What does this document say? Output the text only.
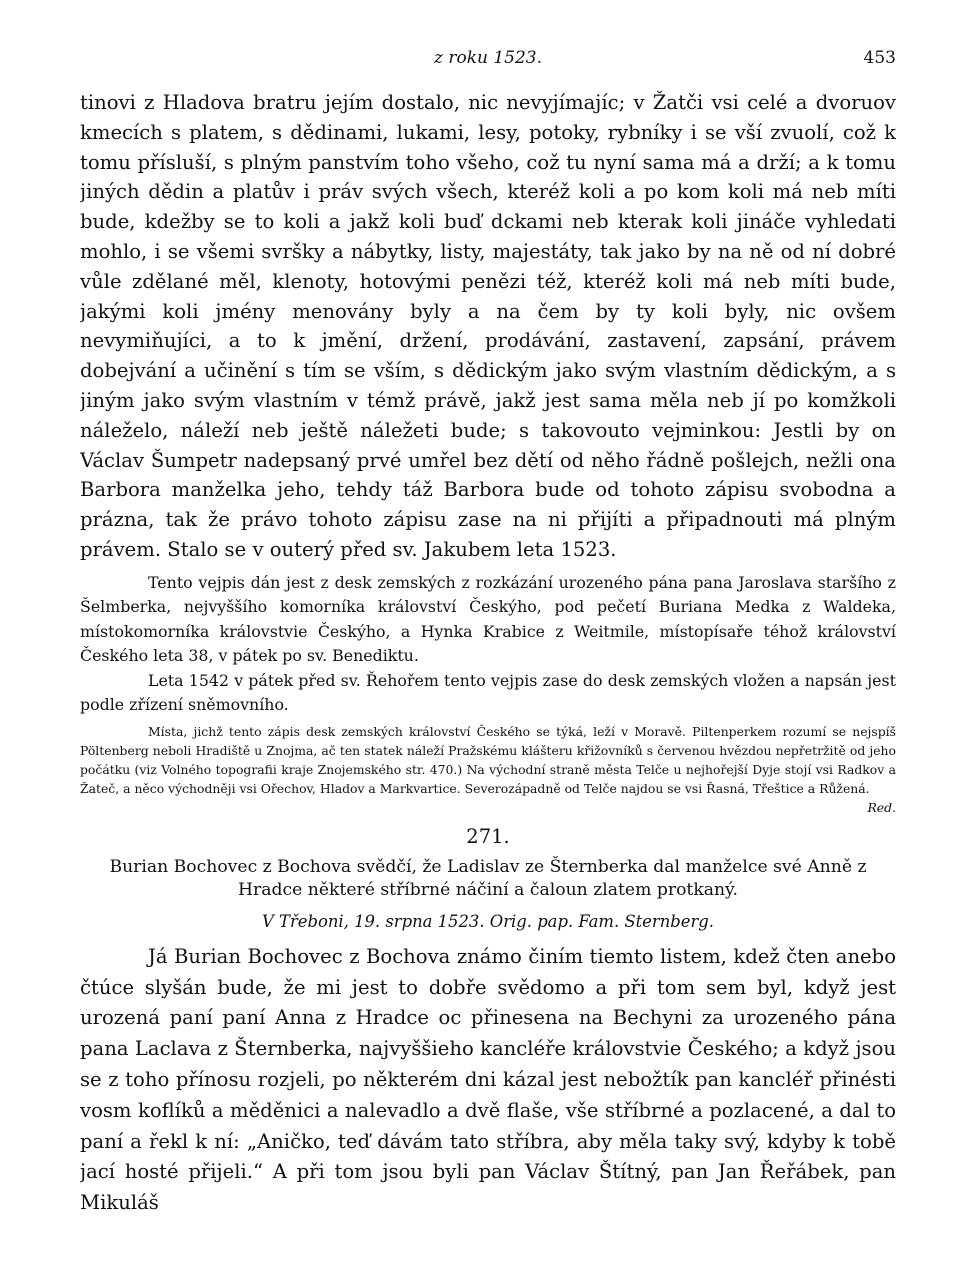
z roku 1523.	453

tinovi z Hladova bratru jejím dostalo, nic nevyjímajíc; v Žatči vsi celé a dvoruov kmecích s platem, s dědinami, lukami, lesy, potoky, rybníky i se vší zvuolí, což k tomu přísluší, s plným panstvím toho všeho, což tu nyní sama má a drží; a k tomu jiných dědin a platův i práv svých všech, kteréž koli a po kom koli má neb míti bude, kdežby se to koli a jakž koli buď dckami neb kterak koli jináče vyhledati mohlo, i se všemi svršky a nábytky, listy, majestáty, tak jako by na ně od ní dobré vůle zdělané měl, klenoty, hotovými penězi též, kteréž koli má neb míti bude, jakými koli jmény menovány byly a na čem by ty koli byly, nic ovšem nevymiňujíci, a to k jmění, držení, prodávání, zastavení, zapsání, právem dobejvání a učinění s tím se vším, s dědickým jako svým vlastním dědickým, a s jiným jako svým vlastním v témž právě, jakž jest sama měla neb jí po komžkoli náleželo, náleží neb ještě náležeti bude; s takovouto vejminkou: Jestli by on Václav Šumpetr nadepsaný prvé umřel bez dětí od něho řádně pošlejch, nežli ona Barbora manželka jeho, tehdy táž Barbora bude od tohoto zápisu svobodna a prázna, tak že právo tohoto zápisu zase na ni přijíti a připadnouti má plným právem. Stalo se v outerý před sv. Jakubem leta 1523.

Tento vejpis dán jest z desk zemských z rozkázání urozeného pána pana Jaroslava staršího z Šelmberka, nejvyššího komorníka království Českýho, pod pečetí Buriana Medka z Waldeka, místokomorníka královstvie Českýho, a Hynka Krabice z Weitmile, místopísaře téhož království Českého leta 38, v pátek po sv. Benediktu.

Leta 1542 v pátek před sv. Řehořem tento vejpis zase do desk zemských vložen a napsán jest podle zřízení sněmovního.

Místa, jichž tento zápis desk zemských království Českého se týká, leží v Moravě. Piltenperkem rozumí se nejspíš Pöltenberg neboli Hradiště u Znojma, ač ten statek náleží Pražskému klášteru křižovníků s červenou hvězdou nepřetržitě od jeho počátku (viz Volného topografii kraje Znojemského str. 470.) Na východní straně města Telče u nejhořejší Dyje stojí vsi Radkov a Žateč, a něco východněji vsi Ořechov, Hladov a Markvartice. Severozápadně od Telče najdou se vsi Řasná, Třeštice a Růžená.
Red.

271.
Burian Bochovec z Bochova svědčí, že Ladislav ze Šternberka dal manželce své Anně z Hradce některé stříbrné náčiní a čaloun zlatem protkaný.
V Třeboni, 19. srpna 1523. Orig. pap. Fam. Sternberg.

Já Burian Bochovec z Bochova známo činím tiemto listem, kdež čten anebo čtúce slyšán bude, že mi jest to dobře svědomo a při tom sem byl, když jest urozená paní paní Anna z Hradce oc přinesena na Bechyni za urozeného pána pana Laclava z Šternberka, najvyššieho kancléře královstvie Českého; a když jsou se z toho přínosu rozjeli, po některém dni kázal jest nebožtík pan kancléř přinésti vosm koflíků a měděnici a nalevadlo a dvě flaše, vše stříbrné a pozlacené, a dal to paní a řekl k ní: „Aničko, teď dávám tato stříbra, aby měla taky svý, kdyby k tobě jací hosté přijeli.“ A při tom jsou byli pan Václav Štítný, pan Jan Řeřábek, pan Mikuláš
